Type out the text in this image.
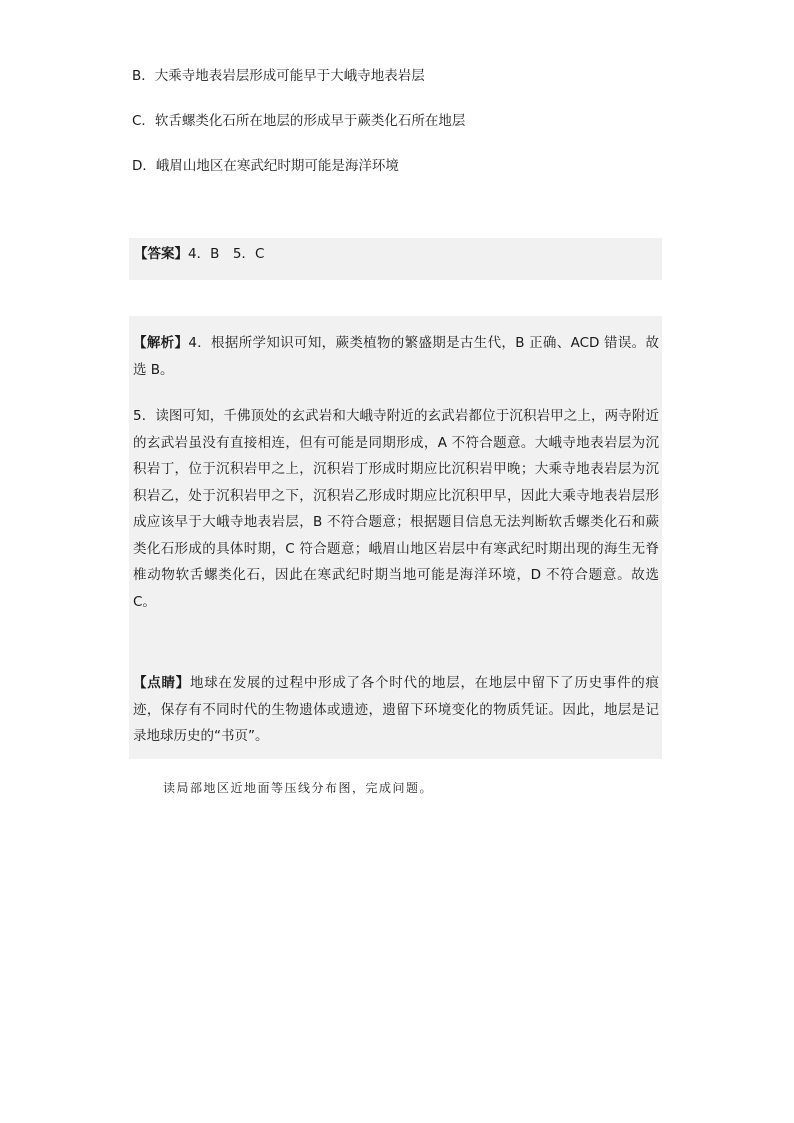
B．大乘寺地表岩层形成可能早于大峨寺地表岩层
C．软舌螺类化石所在地层的形成早于蕨类化石所在地层
D．峨眉山地区在寒武纪时期可能是海洋环境
【答案】4．B　5．C
【解析】4．根据所学知识可知，蕨类植物的繁盛期是古生代，B 正确、ACD 错误。故选 B。
5．读图可知，千佛顶处的玄武岩和大峨寺附近的玄武岩都位于沉积岩甲之上，两寺附近的玄武岩虽没有直接相连，但有可能是同期形成，A 不符合题意。大峨寺地表岩层为沉积岩丁，位于沉积岩甲之上，沉积岩丁形成时期应比沉积岩甲晚；大乘寺地表岩层为沉积岩乙，处于沉积岩甲之下，沉积岩乙形成时期应比沉积甲早，因此大乘寺地表岩层形成应该早于大峨寺地表岩层，B 不符合题意；根据题目信息无法判断软舌螺类化石和蕨类化石形成的具体时期，C 符合题意；峨眉山地区岩层中有寒武纪时期出现的海生无脊椎动物软舌螺类化石，因此在寒武纪时期当地可能是海洋环境，D 不符合题意。故选 C。
【点睛】地球在发展的过程中形成了各个时代的地层，在地层中留下了历史事件的痕迹，保存有不同时代的生物遗体或遗迹，遗留下环境变化的物质凭证。因此，地层是记录地球历史的“书页”。
读局部地区近地面等压线分布图，完成问题。
